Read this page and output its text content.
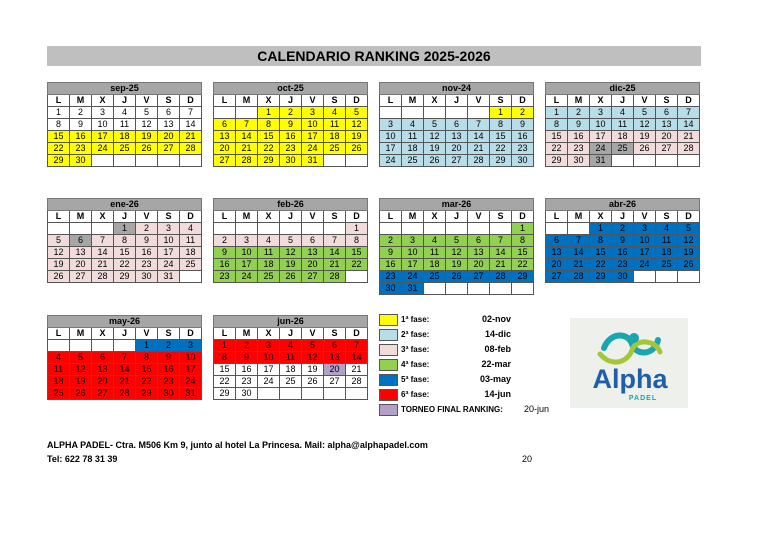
CALENDARIO RANKING 2025-2026
sep-25						
L	M	X	J	V	S	D
1	2	3	4	5	6	7
8	9	10	11	12	13	14
15	16	17	18	19	20	21
22	23	24	25	26	27	28
29	30					
oct-25						
L	M	X	J	V	S	D
		1	2	3	4	5
6	7	8	9	10	11	12
13	14	15	16	17	18	19
20	21	22	23	24	25	26
27	28	29	30	31		
nov-24						
L	M	X	J	V	S	D
					1	2
3	4	5	6	7	8	9
10	11	12	13	14	15	16
17	18	19	20	21	22	23
24	25	26	27	28	29	30
dic-25						
L	M	X	J	V	S	D
1	2	3	4	5	6	7
8	9	10	11	12	13	14
15	16	17	18	19	20	21
22	23	24	25	26	27	28
29	30	31				
ene-26						
L	M	X	J	V	S	D
			1	2	3	4
5	6	7	8	9	10	11
12	13	14	15	16	17	18
19	20	21	22	23	24	25
26	27	28	29	30	31	
feb-26						
L	M	X	J	V	S	D
						1
2	3	4	5	6	7	8
9	10	11	12	13	14	15
16	17	18	19	20	21	22
23	24	25	26	27	28	
mar-26						
L	M	X	J	V	S	D
						1
2	3	4	5	6	7	8
9	10	11	12	13	14	15
16	17	18	19	20	21	22
23	24	25	26	27	28	29
30	31					
abr-26						
L	M	X	J	V	S	D
		1	2	3	4	5
6	7	8	9	10	11	12
13	14	15	16	17	18	19
20	21	22	23	24	25	26
27	28	29	30			
may-26						
L	M	X	J	V	S	D
				1	2	3
4	5	6	7	8	9	10
11	12	13	14	15	16	17
18	19	20	21	22	23	24
25	26	27	28	29	30	31
jun-26						
L	M	X	J	V	S	D
1	2	3	4	5	6	7
8	9	10	11	12	13	14
15	16	17	18	19	20	21
22	23	24	25	26	27	28
29	30					
1ª fase:	02-nov
2ª fase:	14-dic
3ª fase:	08-feb
4ª fase:	22-mar
5ª fase:	03-may
6ª fase:	14-jun
TORNEO FINAL RANKING:	20-jun
Alpha
PADEL
ALPHA PADEL- Ctra. M506 Km 9, junto al hotel La Princesa. Mail: alpha@alphapadel.com
Tel: 622 78 31 39	20
